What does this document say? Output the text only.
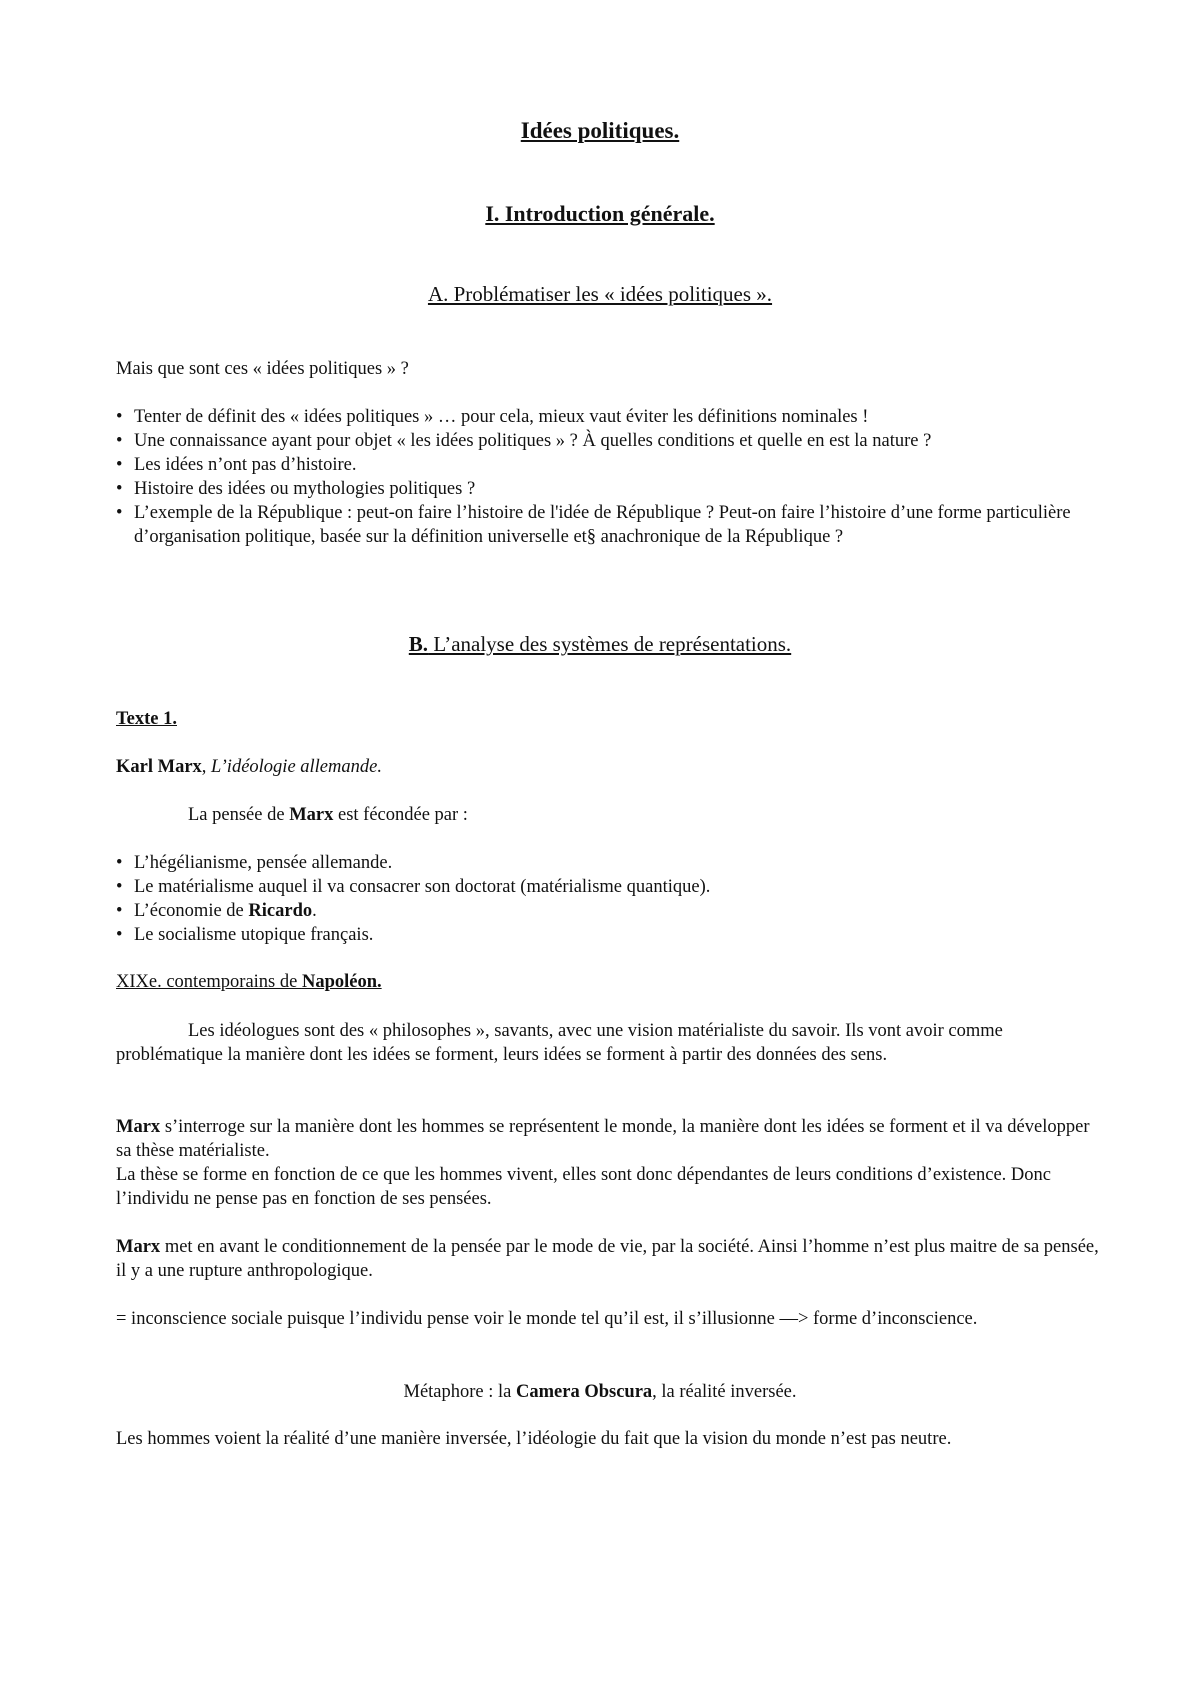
Idées politiques.
I. Introduction générale.
A. Problématiser les « idées politiques ».
Mais que sont ces « idées politiques » ?
• Tenter de définit des « idées politiques » … pour cela, mieux vaut éviter les définitions nominales !
• Une connaissance ayant pour objet « les idées politiques » ? À quelles conditions et quelle en est la nature ?
• Les idées n’ont pas d’histoire.
• Histoire des idées ou mythologies politiques ?
• L’exemple de la République : peut-on faire l’histoire de l'idée de République ? Peut-on faire l’histoire d’une forme particulière d’organisation politique, basée sur la définition universelle et§ anachronique de la République ?
B. L’analyse des systèmes de représentations.
Texte 1.
Karl Marx, L’idéologie allemande.
La pensée de Marx est fécondée par :
• L’hégélianisme, pensée allemande.
• Le matérialisme auquel il va consacrer son doctorat (matérialisme quantique).
• L’économie de Ricardo.
• Le socialisme utopique français.
XIXe. contemporains de Napoléon.

Les idéologues sont des « philosophes », savants, avec une vision matérialiste du savoir. Ils vont avoir comme problématique la manière dont les idées se forment, leurs idées se forment à partir des données des sens.

Marx s’interroge sur la manière dont les hommes se représentent le monde, la manière dont les idées se forment et il va développer sa thèse matérialiste.

La thèse se forme en fonction de ce que les hommes vivent, elles sont donc dépendantes de leurs conditions d’existence. Donc l’individu ne pense pas en fonction de ses pensées.

Marx met en avant le conditionnement de la pensée par le mode de vie, par la société. Ainsi l’homme n’est plus maitre de sa pensée, il y a une rupture anthropologique.

= inconscience sociale puisque l’individu pense voir le monde tel qu’il est, il s’illusionne —> forme d’inconscience.

Métaphore : la Camera Obscura, la réalité inversée.

Les hommes voient la réalité d’une manière inversée, l’idéologie du fait que la vision du monde n’est pas neutre.
